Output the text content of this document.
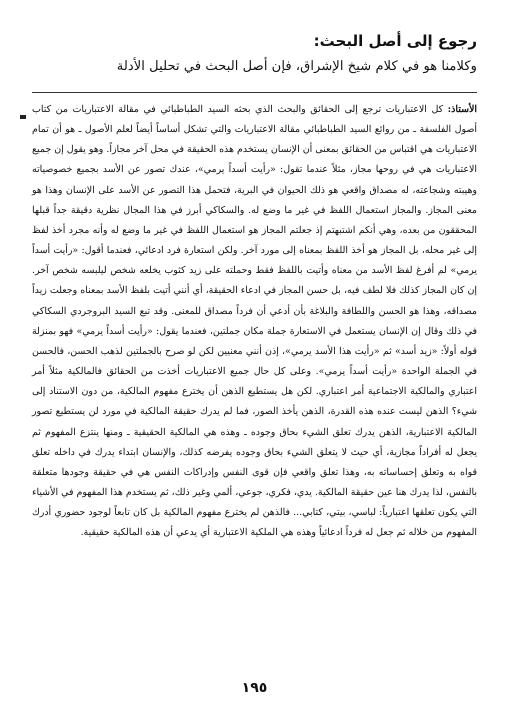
رجوع إلى أصل البحث:

وكلامنا هو في كلام شيخ الإشراق، فإن أصل البحث في تحليل الأدلة

الأستاذ: كل الاعتباريات ترجع إلى الحقائق والبحث الذي بحثه السيد الطباطبائي في مقالة الاعتباريات من كتاب أصول الفلسفة ـ من روائع السيد الطباطبائي مقالة الاعتباريات والتي تشكل أساساً أيضاً لعلم الأصول ـ هو أن تمام الاعتباريات هي اقتباس من الحقائق بمعنى أن الإنسان يستخدم هذه الحقيقة في محل آخر مجازاً. وهو يقول إن جميع الاعتباريات هي في روحها مجاز، مثلاً عندما تقول: «رأيت أسداً يرمي»، عندك تصور عن الأسد بجميع خصوصياته وهيبته وشجاعته، له مصداق واقعي هو ذلك الحيوان في البرية، فتحمل هذا التصور عن الأسد على الإنسان وهذا هو معنى المجاز. والمجاز استعمال اللفظ في غير ما وضع له. والسكاكي أبرز في هذا المجال نظرية دقيقة جداً قبلها المحققون من بعده، وهي أنكم اشتبهتم إذ جعلتم المجاز هو استعمال اللفظ في غير ما وضع له وأنه مجرد أخذ لفظ إلى غير محله، بل المجاز هو أخذ اللفظ بمعناه إلى مورد آخر. ولكن استعارة فرد ادعائي، فعندما أقول: «رأيت أسداً يرمي» لم أفرغ لفظ الأسد من معناه وأتيت باللفظ فقط وحملته على زيد كثوب يخلعه شخص ليلبسه شخص آخر. إن كان المجاز كذلك فلا لطف فيه، بل حسن المجاز في ادعاء الحقيقة، أي أنني أتيت بلفظ الأسد بمعناه وجعلت زيداً مصداقه، وهذا هو الحسن واللطافة والبلاغة بأن أدعي أن فرداً مصداق للمعنى. وقد تبع السيد البروجردي السكاكي في ذلك وقال إن الإنسان يستعمل في الاستعارة جملة مكان جملتين، فعندما يقول: «رأيت أسداً يرمي» فهو بمنزلة قوله أولاً: «زيد أسد» ثم «رأيت هذا الأسد يرمي»، إذن أنني معنيين لكن لو صرح بالجملتين لذهب الحسن، فالحسن في الجملة الواحدة «رأيت أسداً يرمي». وعلى كل حال جميع الاعتباريات أخذت من الحقائق فالمالكية مثلاً أمر اعتباري والمالكية الاجتماعية أمر اعتباري. لكن هل يستطيع الذهن أن يخترع مفهوم المالكية، من دون الاستناد إلى شيء؟ الذهن ليست عنده هذه القدرة، الذهن يأخذ الصور، فما لم يدرك حقيقة المالكية في مورد لن يستطيع تصور المالكية الاعتبارية، الذهن يدرك تعلق الشيء بحاق وجوده ـ وهذه هي المالكية الحقيقية ـ ومنها ينتزع المفهوم ثم يجعل له أفراداً مجازية، أي حيث لا يتعلق الشيء بحاق وجوده يفرضه كذلك، والإنسان ابتداء يدرك في داخله تعلق قواه به وتعلق إحساساته به، وهذا تعلق واقعي فإن قوى النفس وإدراكات النفس هي في حقيقة وجودها متعلقة بالنفس، لذا يدرك هنا عين حقيقة المالكية. يدي، فكري، جوعي، ألمي وغير ذلك، ثم يستخدم هذا المفهوم في الأشياء التي يكون تعلقها اعتبارياً: لباسي، بيتي، كتابي... فالذهن لم يخترع مفهوم المالكية بل كان تابعاً لوجود حضوري أدرك المفهوم من خلاله ثم جعل له فرداً ادعائياً وهذه هي الملكية الاعتبارية أي يدعي أن هذه المالكية حقيقية.

١٩٥
